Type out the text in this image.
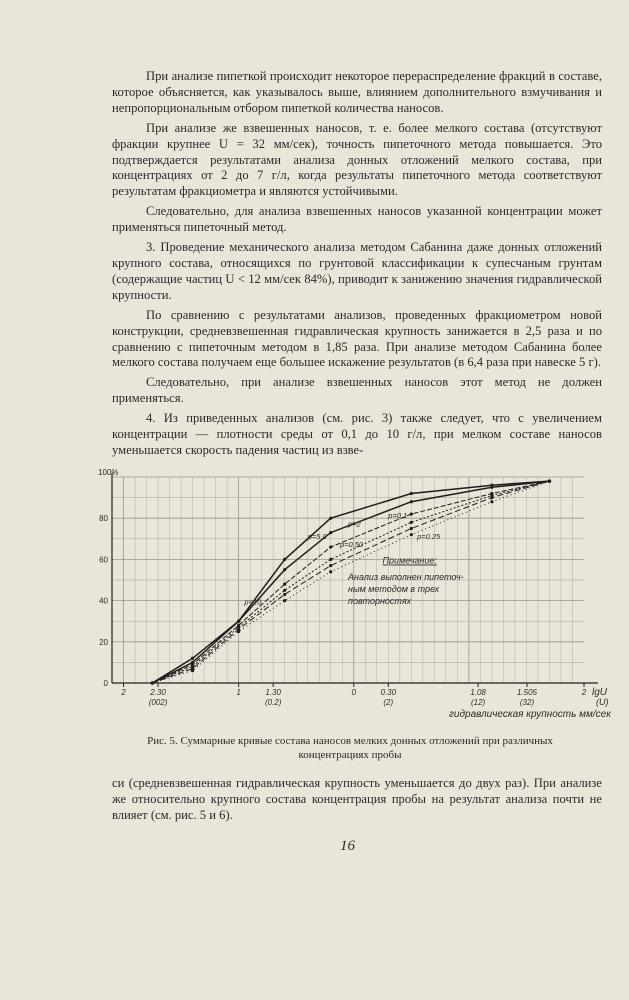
При анализе пипеткой происходит некоторое перераспределение фракций в составе, которое объясняется, как указывалось выше, влиянием дополнительного взмучивания и непропорциональным отбором пипеткой количества наносов.

При анализе же взвешенных наносов, т. е. более мелкого состава (отсутствуют фракции крупнее U = 32 мм/сек), точность пипеточного метода повышается. Это подтверждается результатами анализа донных отложений мелкого состава, при концентрациях от 2 до 7 г/л, когда результаты пипеточного метода соответствуют результатам фракциометра и являются устойчивыми.

Следовательно, для анализа взвешенных наносов указанной концентрации может применяться пипеточный метод.

3. Проведение механического анализа методом Сабанина даже донных отложений крупного состава, относящихся по грунтовой классификации к супесчаным грунтам (содержащие частиц U < 12 мм/сек 84%), приводит к занижению значения гидравлической крупности.

По сравнению с результатами анализов, проведенных фракциометром новой конструкции, средневзвешенная гидравлическая крупность занижается в 2,5 раза и по сравнению с пипеточным методом в 1,85 раза. При анализе методом Сабанина более мелкого состава получаем еще большее искажение результатов (в 6,4 раза при навеске 5 г).

Следовательно, при анализе взвешенных наносов этот метод не должен применяться.

4. Из приведенных анализов (см. рис. 3) также следует, что с увеличением концентрации — плотности среды от 0,1 до 10 г/л, при мелком составе наносов уменьшается скорость падения частиц из взве-

100%
0
20
40
60
80
2	2.30
(002)
1	1.30
(0.2)
0	0.30
(2)
1.08
(12)
1.505
(32)
2 lgU
(U)
гидравлическая крупность мм/сек
p=10
p=5.0
p=2
p=0.1
p=0.50
p=0.25
Примечание:
Анализ выполнен пипеточ-
ным методом в трех
повторностях
Рис. 5. Суммарные кривые состава наносов мелких донных отложений при различных концентрациях пробы

си (средневзвешенная гидравлическая крупность уменьшается до двух раз). При анализе же относительно крупного состава концентрация пробы на результат анализа почти не влияет (см. рис. 5 и 6).

16
